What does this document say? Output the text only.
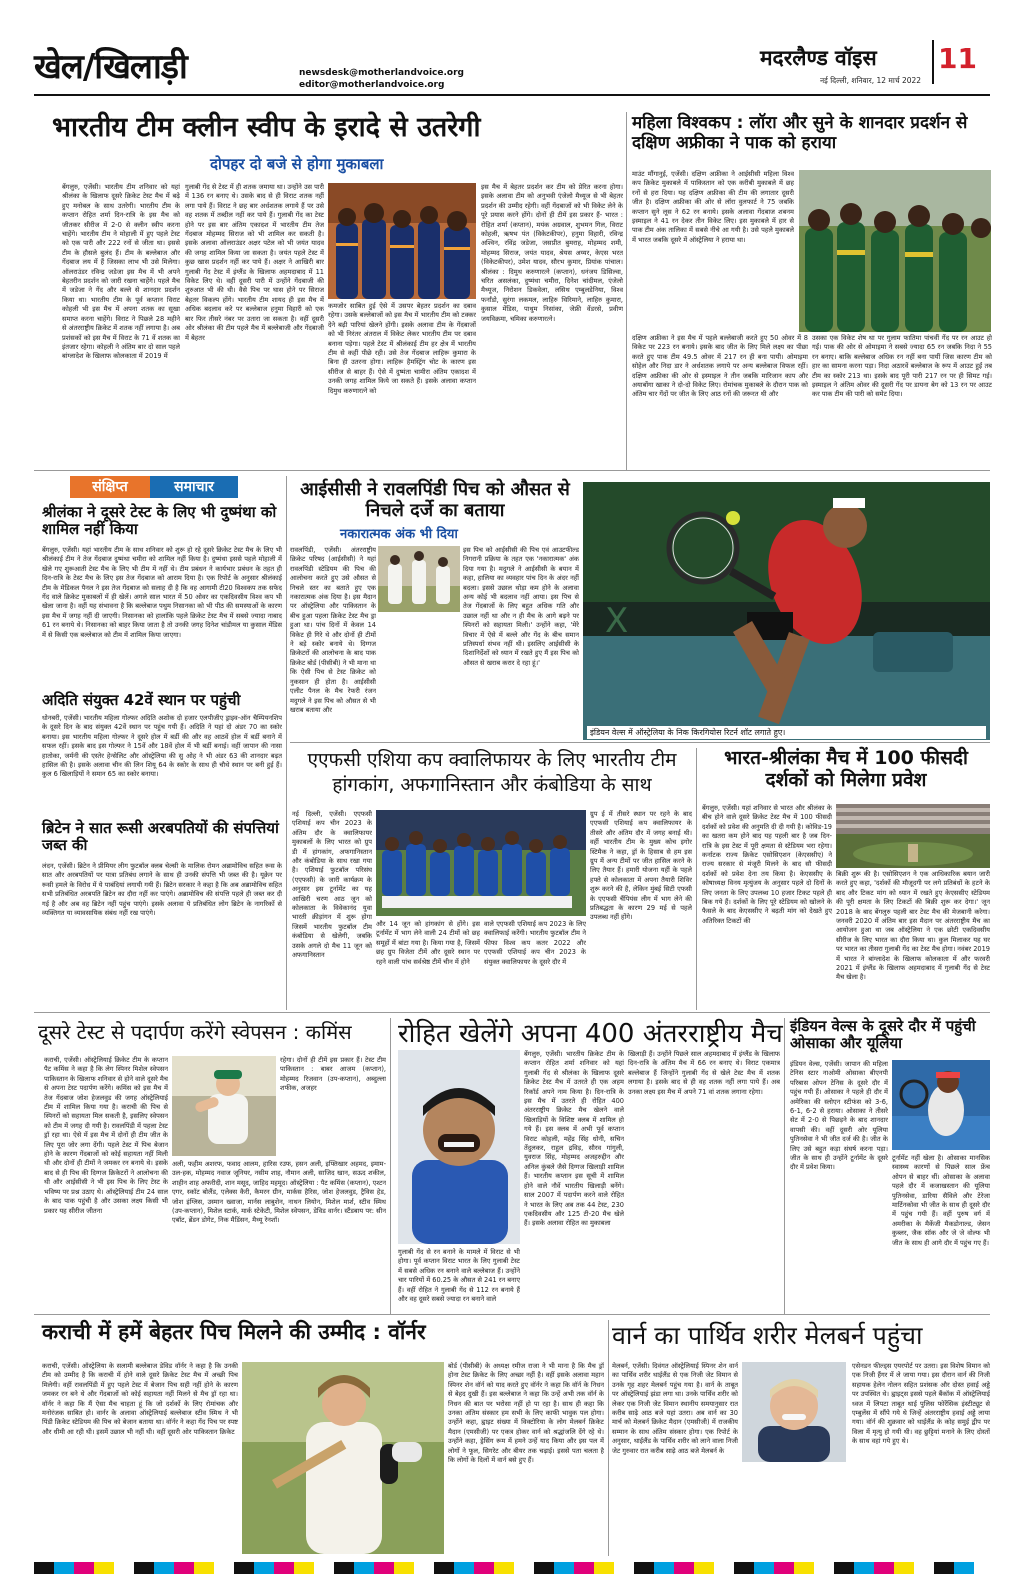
खेल/खिलाड़ी	newsdesk@motherlandvoice.org
editor@motherlandvoice.org
मदरलैण्ड वॉइस 11
नई दिल्ली, शनिवार, 12 मार्च 2022
भारतीय टीम क्लीन स्वीप के इरादे से उतरेगी
दोपहर दो बजे से होगा मुकाबला
बेंगलुरु, एजेंसी। भारतीय टीम शनिवार को यहां श्रीलंका के खिलाफ दूसरे क्रिकेट टेस्ट मैच में बढ़े हुए मनोबल के साथ उतरेगी। भारतीय टीम के कप्तान रोहित शर्मा दिन-रात्रि के इस मैच को जीतकर सीरीज में 2-0 से क्लीन स्वीप करना चाहेंगे। भारतीय टीम ने मोहाली में हुए पहले टेस्ट को एक पारी और 222 रनों से जीता था। इससे टीम के हौसले बुलंद हैं। टीम के बल्लेबाज और गेंदबाज लय में हैं जिसका लाभ भी उसे मिलेगा। ऑलराउंडर रविन्द्र जडेजा इस मैच में भी अपने बेहतरीन प्रदर्शन को जारी रखना चाहेंगे। पहले मैच में जडेजा ने गेंद और बल्ले से शानदार प्रदर्शन किया था। भारतीय टीम के पूर्व कप्तान विराट कोहली भी इस मैच में अपना शतक का सूखा समाप्त करना चाहेंगे। विराट ने पिछले 28 महीने से अंतरराष्ट्रीय क्रिकेट में शतक नहीं लगाया है। अब प्रशंसकों को इस मैच में विराट के 71 वें शतक का इंतजार रहेगा। कोहली ने अंतिम बार दो साल पहले बांग्लादेश के खिलाफ कोलकाता में 2019 में
गुलाबी गेंद से टेस्ट में ही शतक जमाया था। उन्होंने उस पारी में 136 रन बनाए थे। उसके बाद से ही विराट शतक नहीं लगा पाये हैं। विराट ने छह बार अर्धशतक लगाये हैं पर उसे वह शतक में तब्दील नहीं कर पाये हैं। गुलाबी गेंद का टेस्ट होने पर इस बार अंतिम एकादश में भारतीय टीम तेज गेंदबाज मोहम्मद सिराज को भी शामिल कर सकती है। इसके अलावा ऑलराउंडर अक्षर पटेल को भी जयंत यादव की जगह शामिल किया जा सकता है। जयंत पहले टेस्ट में कुछ खास प्रदर्शन नहीं कर पाये हैं। अक्षर ने आखिरी बार गुलाबी गेंद टेस्ट में इंग्लैंड के खिलाफ अहमदाबाद में 11 विकेट लिए थे। वहीं दूसरी पारी में उन्होंने गेंदबाजी की शुरुआत भी की थी। वैसे पिच पर घास होने पर सिराज बेहतर विकल्प होंगे। भारतीय टीम शायद ही इस मैच में अधिक बदलाव करे पर बल्लेबाज हनुमा विहारी को एक बार फिर तीसरे नंबर पर उतारा जा सकता है। वहीं दूसरी ओर श्रीलंका की टीम पहले मैच में बल्लेबाजी और गेंदबाजी में बेहतर
कमजोर साबित हुई ऐसे में उसपर बेहतर प्रदर्शन का दबाव रहेगा। उसके बल्लेबाजों को इस मैच में भारतीय टीम को टक्कर देने बढ़ी पारियां खेलने होंगी। इसके अलावा टीम के गेंदबाजों को भी निरंतर अंतराल में विकेट लेकर भारतीय टीम पर दबाव बनाना पड़ेगा। पहले टेस्ट में श्रीलंकाई टीम हर क्षेत्र में भारतीय टीम से कहीं पीछे रही। उसे तेज गेंदबाज लाहिरू कुमारा के बिना ही उतरना होगा। लाहिरू हैमस्ट्रिंग चोट के कारण इस सीरीज से बाहर हैं। ऐसे में दुष्मंता चामीरा अंतिम एकादश में उनकी जगह शामिल किये जा सकते हैं। इसके अलावा कप्तान दिमुथ करुणारत्ने को
इस मैच में बेहतर प्रदर्शन कर टीम को प्रेरित करना होगा। इसके अलावा टीम को अनुभवी एंजेलो मैथ्यूज से भी बेहतर प्रदर्शन की उम्मीद रहेगी। वहीं गेंदबाजों को भी विकेट लेने के पूरे प्रयास करने होंगे। दोनों ही टीमें इस प्रकार हैं- भारत : रोहित शर्मा (कप्तान), मयंक अग्रवाल, शुभमन गिल, विराट कोहली, ऋषभ पंत (विकेटकीपर), हनुमा विहारी, रविन्द्र अश्विन, रविंद्र जडेजा, जसप्रीत बुमराह, मोहम्मद शमी, मोहम्मद सिराज, जयंत यादव, श्रेयस अय्यर, केएस भरत (विकेटकीपर), उमेश यादव, सौरभ कुमार, प्रियांक पांचाल। श्रीलंका : दिमुथ करुणारत्ने (कप्तान), धनंजय डिसिल्वा, चरित असलंका, दुष्मंथा चमीरा, दिनेश चांदीमल, एंजेलो मैथ्यूज, निरोशन डिकवेला, लसिथ एम्बुलडेनिया, विश्व फर्नांडो, सुरंगा लकमल, लाहिरु थिरिमाने, लाहिरु कुमारा, कुसाल मेंडिस, पाथुम निसांका, जेफ्री वेंडरसे, प्रवीण जयविक्रमा, चमिका करुणारत्ने।
महिला विश्वकप : लॉरा और सुने के शानदार प्रदर्शन से दक्षिण अफ्रीका ने पाक को हराया
माउंट मौंगानुई, एजेंसी। दक्षिण अफ्रीका ने आईसीसी महिला विश्व कप क्रिकेट मुकाबले में पाकिस्तान को एक करीबी मुकाबले में छह रनों से हरा दिया। यह दक्षिण अफ्रीका की टीम की लगातार दूसरी जीत है। दक्षिण अफ्रीका की ओर से लॉरा वुलफार्ट ने 75 जबकि कप्तान सुने लूस ने 62 रन बनाये। इसके अलावा गेंदबाज शबनम इस्माइल ने 41 रन देकर तीन विकेट लिए। इस मुकाबले में हार से पाक टीम अंक तालिका में सबसे नीचे आ गयी है। उसे पहले मुकाबले में भारत जबकि दूसरे में ऑस्ट्रेलिया ने हराया था।
दक्षिण अफ्रीका ने इस मैच में पहले बल्लेबाजी करते हुए 50 ओवर में 8 विकेट पर 223 रन बनाये। इसके बाद जीत के लिए मिले लक्ष्य का पीछा करते हुए पाक टीम 49.5 ओवर में 217 रन ही बना पायी। ओमाइमा सोहेल और निदा डार ने अर्धशतक लगाये पर अन्य बल्लेबाज विफल रहीं। दक्षिण अफ्रीका की ओर से इस्माइल ने तीन जबकि मारिजान काप और अयाबोंगा खाका ने दो-दो विकेट लिए। रोमांचक मुकाबले के दौरान पाक को अंतिम चार गेंदों पर जीत के लिए आठ रनों की जरूरत थी और
उसका एक विकेट शेष था पर गुलाम फातिमा पांचवीं गेंद पर रन आउट हो गईं। पाक की ओर से ओमाइमा ने सबसे ज्यादा 65 रन जबकि निदा ने 55 रन बनाए। बाकि बल्लेबाज अधिक रन नहीं बना पायीं जिस कारण टीम को हार का सामना करना पड़ा। निदा अठारवें बल्लेबाज के रूप में आउट हुईं तब टीम का स्कोर 213 था। इसके बाद पूरी पारी 217 रन पर ही सिमट गई। इस्माइल ने अंतिम ओवर की दूसरी गेंद पर डायना बेग को 13 रन पर आउट कर पाक टीम की पारी को समेट दिया।
संक्षिप्त	समाचार
श्रीलंका ने दूसरे टेस्ट के लिए भी दुष्मंथा को शामिल नहीं किया
बेंगलुरु, एजेंसी। यहां भारतीय टीम के साथ शनिवार को शुरू हो रहे दूसरे क्रिकेट टेस्ट मैच के लिए भी श्रीलंकाई टीम ने तेज गेंदबाज दुष्मंथा चमीरा को शामिल नहीं किया है। दुष्मंथा इससे पहले मोहाली में खेले गए शुरूआती टेस्ट मैच के लिए भी टीम में नहीं थे। टीम प्रबंधन ने कार्यभार प्रबंधन के तहत ही दिन-रात्रि के टेस्ट मैच के लिए इस तेज गेंदबाज को आराम दिया है। एक रिपोर्ट के अनुसार श्रीलंकाई टीम के मेडिकल पैनल ने इस तेज गेंदबाज को सलाह दी है कि वह आगामी टी20 विश्वकप तक सफेद गेंद वाले क्रिकेट मुकाबलों में ही खेलें। अगले साल भारत में 50 ओवर का एकदिवसीय विश्व कप भी खेला जाना है। वहीं यह संभावना है कि बल्लेबाज पथुम निसानका को भी पीठ की समस्याओं के कारण इस मैच में जगह नहीं दी जाएगी। निसानका को हालांकि पहले क्रिकेट टेस्ट मैच में सबसे ज्यादा नाबाद 61 रन बनाये थे। निसानका को बाहर किया जाता है तो उनकी जगह दिनेश चांडीमल या कुसाल मेंडिस में से किसी एक बल्लेबाज को टीम में शामिल किया जाएगा।
अदिति संयुक्त 42वें स्थान पर पहुंची
धोनबरी, एजेंसी। भारतीय महिला गोल्फर अदिति अशोक दो हजार एलपीजीए ड्राइव-ऑन चैम्पियनशिप के दूसरे दिन के बाद संयुक्त 42वें स्थान पर पहुंच गयी हैं। अदिति ने यहां दो अंडर 70 का स्कोर बनाया। इस भारतीय महिला गोल्फर ने दूसरे होल में बर्डी की और वह आठवें होल में बर्डी बनाने में सफल रहीं। इसके बाद इस गोल्फर ने 15वें और 18वें होल में भी बर्डी बनाई। वहीं जापान की नासा हातोका, जर्मनी की एस्तेर हेन्सेलिट और ऑस्ट्रेलिया की सु ओह ने भी अंडर 63 की शानदार बढ़त हासिल की है। इसके अलावा चीन की लिन शियू 64 के स्कोर के साथ ही चौथे स्थान पर बनी हुई हैं। कुल 6 खिलाड़ियों ने समान 65 का स्कोर बनाया।
ब्रिटेन ने सात रूसी अरबपतियों की संपत्तियां जब्त की
लंदन, एजेंसी। ब्रिटेन ने प्रीमियर लीग फुटबॉल क्लब चेल्सी के मालिक रोमन अब्रामोविच सहित रूस के सात और अरबपतियों पर यात्रा प्रतिबंध लगाने के साथ ही उनकी संपत्ति भी जब्त की है। यूक्रेन पर रूसी हमले के विरोध में ये पाबंदियां लगायी गयी हैं। ब्रिटेन सरकार ने कहा है कि अब अब्रामोविच सहित सभी प्रतिबंधित अरबपति ब्रिटेन का दौरा नहीं कर पाएंगे। अब्रामोविच की संपत्ति पहले ही जब्त कर दी गई है और अब वह ब्रिटेन नहीं पहुंच पाएंगे। इसके अलावा ये प्रतिबंधित लोग ब्रिटेन के नागरिकों से व्यक्तिगत या व्यावसायिक संबंध नहीं रख पाएंगे।
आईसीसी ने रावलपिंडी पिच को औसत से निचले दर्जे का बताया
नकारात्मक अंक भी दिया
रावलपिंडी, एजेंसी। अंतरराष्ट्रीय क्रिकेट परिषद (आईसीसी) ने यहां रावलपिंडी स्टेडियम की पिच की आलोचना करते हुए उसे औसत से निचले स्तर का बताते हुए एक नकारात्मक अंक दिया है। इस मैदान पर ऑस्ट्रेलिया और पाकिस्तान के बीच हुआ पहला क्रिकेट टेस्ट मैच ड्रा हुआ था। पांच दिनों में केवल 14 विकेट ही गिरे थे और दोनों ही टीमों ने बड़े स्कोर बनाये थे। दिग्गज क्रिकेटरों की आलोचना के बाद पाक क्रिकेट बोर्ड (पीसीबी) ने भी माना था कि ऐसी पिच से टेस्ट क्रिकेट को नुकसान ही होता है। आईसीसी एलीट पैनल के मैच रेफरी रंजन मदुगले ने इस पिच को औसत से भी खराब बताया और
इस पिच को आईसीसी की पिच एवं आउटफील्ड निगरानी प्रक्रिया के तहत एक 'नकारात्मक' अंक दिया गया है। मदुगले ने आईसीसी के बयान में कहा, हालिया का व्यवहार पांच दिन के अंदर नहीं बदला। इससे उछाल थोड़ा कम होने के अलावा अन्य कोई भी बदलाव नहीं आया। इस पिच से तेज गेंदबाजों के लिए बहुत अधिक गति और उछाल नहीं था और न ही मैच के आगे बढ़ने पर स्पिनरों को सहायता मिली।' उन्होंने कहा, 'मेरे विचार में ऐसे में बल्ले और गेंद के बीच समान प्रतिस्पर्धा संभव नहीं थी। इसलिए आईसीसी के दिशानिर्देशों को ध्यान में रखते हुए मैं इस पिच को औसत से खराब करार दे रहा हूं।'
X
इंडियन वेल्स में ऑस्ट्रेलिया के निक किरगियोस रिटर्न शॉट लगाते हुए।
एएफसी एशिया कप क्वालिफायर के लिए भारतीय टीम हांगकांग, अफगानिस्तान और कंबोडिया के साथ
नई दिल्ली, एजेंसी। एएफसी एशियाई कप चीन 2023 के अंतिम दौर के क्वालिफायर मुकाबलों के लिए भारत को ग्रुप डी में हांगकांग, अफगानिस्तान और कंबोडिया के साथ रखा गया है। एशियाई फुटबॉल परिसंघ (एएफसी) के जारी कार्यक्रम के अनुसार इस टूर्नामेंट का यह आखिरी चरण आठ जून को कोलकाता के विवेकानंद युवा भारती क्रीड़ांगन में शुरू होगा जिसमें भारतीय फुटबॉल टीम कंबोडिया से खेलेगी, जबकि उसके अगले दो मैच 11 जून को अफगानिस्तान
और 14 जून को हांगकांग से होंगे। इस टूर्नामेंट में भाग लेने वाली 24 टीमों को छह समूहों में बांटा गया है। किया गया है, जिसमें छह ग्रुप विजेता टीमें और दूसरे स्थान पर रहने वाली पांच सर्वश्रेष्ठ टीमें चीन में होने
वाले एएफसी एशियाई कप 2023 के लिए क्वालिफाई करेंगी। भारतीय फुटबॉल टीम ने फीफा विश्व कप कतर 2022 और एएफसी एशियाई कप चीन 2023 के संयुक्त क्वालिफायर के दूसरे दौर में
ग्रुप ई में तीसरे स्थान पर रहने के बाद एएफसी एशियाई कप क्वालिफायर के तीसरे और अंतिम दौर में जगह बनाई थी। वहीं भारतीय टीम के मुख्य कोच इगोर स्टिमैक ने कहा, ड्रॉ के हिसाब से हम इस ग्रुप में अन्य टीमों पर जीत हासिल करने के लिए तैयार हैं। हमारी योजना यहीं के पहले हफ्ते से कोलकाता में अपना तैयारी शिविर शुरू करने की है, लेकिन मुंबई सिटी एफसी के एएफसी चैंपियंस लीग में भाग लेने की प्रतिबद्धता के कारण 29 मई से पहले उपलब्ध नहीं होंगे।
भारत-श्रीलंका मैच में 100 फीसदी दर्शकों को मिलेगा प्रवेश
बेंगलुरु, एजेंसी। यहां शनिवार से भारत और श्रीलंका के बीच होने वाले दूसरे क्रिकेट टेस्ट मैच में 100 फीसदी दर्शकों को प्रवेश की अनुमति दी दी गयी है। कोविड-19 का खतरा कम होने बाद यह पहली बार है जब दिन-रात्रि के इस टेस्ट में पूरी क्षमता से स्टेडियम भरा रहेगा। कर्नाटक राज्य क्रिकेट एसोसिएशन (केएससीए) ने राज्य सरकार से मंजूरी मिलने के बाद सौ फीसदी दर्शकों को प्रवेश देना तय किया है। केएससीए के कोषाध्यक्ष विनय मृत्युंजय के अनुसार पहले दो दिनों के लिए जनता के लिए उपलब्ध 10 हजार टिकट पहले ही बिक गये हैं। दर्शकों के लिए पूरे स्टेडियम को खोलने के फैसले के बाद केएससीए ने बढ़ती मांग को देखते हुए अतिरिक्त टिकटों की
बिक्री शुरू की है। एसोसिएशन ने एक आधिकारिक बयान जारी करते हुए कहा, 'दर्शकों की मौजूदगी पर लगे प्रतिबंधों के हटने के बाद और टिकट मांग को ध्यान में रखते हुए केएससीए स्टेडियम की पूरी क्षमता के लिए टिकटों की बिक्री शुरू कर देगा।' जून 2018 के बाद बेंगलुरु पहली बार टेस्ट मैच की मेजबानी करेगा। जनवरी 2020 में अंतिम बार इस मैदान पर अंतरराष्ट्रीय मैच का आयोजन हुआ था जब ऑस्ट्रेलिया ने एक छोटी एकदिवसीय सीरीज के लिए भारत का दौरा किया था। कुल मिलाकर यह घर पर भारत का तीसरा गुलाबी गेंद का टेस्ट मैच होगा। नवंबर 2019 में भारत ने बांग्लादेश के खिलाफ कोलकाता में और फरवरी 2021 में इंग्लैंड के खिलाफ अहमदाबाद में गुलाबी गेंद से टेस्ट मैच खेला है।
दूसरे टेस्ट से पदार्पण करेंगे स्वेपसन : कमिंस
कराची, एजेंसी। ऑस्ट्रेलियाई क्रिकेट टीम के कप्तान पैट कमिंस ने कहा है कि लेग स्पिनर मिशेल स्वेपसन पाकिस्तान के खिलाफ शनिवार से होने वाले दूसरे मैच से अपना टेस्ट पदार्पण करेंगे। कमिंस को इस मैच में तेज गेंदबाज जोश हेजलवुड की जगह ऑस्ट्रेलियाई टीम में शामिल किया गया है। कराची की पिच से स्पिनरों को सहायता मिल सकती है, इसलिए स्वेपसन को टीम में जगह दी गयी है। रावलपिंडी में पहला टेस्ट ड्रॉ रहा था। ऐसे में इस मैच में दोनों ही टीम जीत के लिए पूरा जोर लगा देंगी। पहले टेस्ट में पिच बेजान होने के कारण गेंदबाजों को कोई सहायता नहीं मिली थी और दोनों ही टीमों ने जमकर रन बनाये थे। इसके बाद से ही पिच की दिग्गज क्रिकेटरों ने आलोचना की थी और आईसीसी ने भी इस पिच के लिए टेस्ट के भविष्य पर प्रश्न उठाए थे। ऑस्ट्रेलियाई टीम 24 साल के बाद पाक पहुंची है और उसका लक्ष्य किसी भी प्रकार यह सीरीज जीतना
रहेगा। दोनों ही टीमें इस प्रकार हैं। टेस्ट टीम पाकिस्तान : बाबर आजम (कप्तान), मोहम्मद रिजवान (उप-कप्तान), अब्दुल्ला शफीक, अजहर
अली, फहीम अशरफ, फवाद आलम, हारिस रउफ, हसन अली, इफ्तिखार अहमद, इमाम-उल-हक, मोहम्मद नवाज जूनियर, नसीम शाह, नौमान अली, साजिद खान, सऊद शकील, शाहीन शाह अफरीदी, शान मसूद, जाहिद महमूद। ऑस्ट्रेलिया : पैट कमिंस (कप्तान), एश्टन एगर, स्कॉट बोलैंड, एलेक्स कैरी, कैमरन ग्रीन, मार्कस हैरिस, जोश हेजलवुड, ट्रैविस हेड, जोश इंग्लिस, उस्मान ख्वाजा, मार्नस लाबुशेन, नाथन लियोन, मिशेल मार्श, स्टीव स्मिथ (उप-कप्तान), मिशेल स्टार्क, मार्क स्टेकेटी, मिशेल स्वेपसन, डेविड वार्नर। स्टैंडबाय पर: सीन एबॉट, ब्रेंडन डोगेट, निक मैडिंसन, मैथ्यू रेनशॉ।
रोहित खेलेंगे अपना 400 अंतरराष्ट्रीय मैच
बेंगलुरु, एजेंसी। भारतीय क्रिकेट टीम के कप्तान रोहित शर्मा शनिवार को यहां गुलाबी गेंद से श्रीलंका के खिलाफ दूसरे क्रिकेट टेस्ट मैच में उतरते ही एक अहम रिकॉर्ड अपने नाम किया है। दिन-रात्रि के इस मैच में उतरते ही रोहित 400 अंतरराष्ट्रीय क्रिकेट मैच खेलने वाले खिलाड़ियों के विशिष्ट क्लब में शामिल हो गये हैं। इस क्लब में अभी पूर्व कप्तान विराट कोहली, महेंद्र सिंह धोनी, सचिन तेंदुलकर, राहुल द्रविड़, सौरव गांगुली, युवराज सिंह, मोहम्मद अजहरुद्दीन और अनिल कुंबले जैसे दिग्गज खिलाड़ी शामिल हैं। भारतीय कप्तान इस सूची में शामिल होने वाले नौवें भारतीय खिलाड़ी बनेंगे। साल 2007 में पदार्पण करने वाले रोहित ने भारत के लिए अब तक 44 टेस्ट, 230 एकदिवसीय और 125 टी-20 मैच खेले हैं। इसके अलावा रोहित का मुकाबला
गुलाबी गेंद से रन बनाने के मामले में विराट से भी होगा। पूर्व कप्तान विराट भारत के लिए गुलाबी टेस्ट में सबसे अधिक रन बनाने वाले बल्लेबाज हैं। उन्होंने चार पारियों में 60.25 के औसत से 241 रन बनाए हैं। वहीं रोहित ने गुलाबी गेंद से 112 रन बनाये हैं और वह दूसरे सबसे ज्यादा रन बनाने वाले
खिलाड़ी हैं। उन्होंने पिछले साल अहमदाबाद में इंग्लैंड के खिलाफ दिन-रात्रि के अंतिम मैच में 66 रन बनाए थे। विराट एकमात्र बल्लेबाज हैं जिन्होंने गुलाबी गेंद से खेले टेस्ट मैच में शतक लगाया है। इसके बाद से ही वह शतक नहीं लगा पाये हैं। अब उनका लक्ष्य इस मैच में अपने 71 वां शतक लगाना रहेगा।
इंडियन वेल्स के दूसरे दौर में पहुंची ओसाका और यूलिया
इंडियन वेल्स, एजेंसी। जापान की महिला टेनिस स्टार नाओमी ओसाका बीएनपी परिबास ओपन टेनिस के दूसरे दौर में पहुंच गयी हैं। ओसाका ने पहले ही दौर में अमेरिका की स्लोएन स्टीफंस को 3-6, 6-1, 6-2 से हराया। ओसाका ने तीसरे सेट में 2-0 से पिछड़ने के बाद शानदार वापसी की। वहीं दूसरी ओर यूलिया पुतिनसेवा ने भी जीत दर्ज की है। जीत के लिए उसे बहुत कड़ा संघर्ष करना पड़ा। जीत के साथ ही उन्होंने टूर्नामेंट के दूसरे दौर में प्रवेश किया।
टूर्नामेंट नहीं खेला है। ओसाका मानसिक स्वास्थ्य कारणों से पिछले साल फ्रेंच ओपन से बाहर थीं। ओसाका के अलावा पहले दौर में कजाखस्तान की यूलिया पुतिनसेवा, डारिया सैविले और टेरेजा मार्टिनकोवा भी जीत के साथ ही दूसरे दौर में पहुंच गयी हैं। वहीं पुरुष वर्ग में अमरीका के मैकेंजी मैकडोनाल्ड, जेसन कुब्लर, जैक सॉक और जे जे वोल्फ भी जीत के साथ ही आगे दौर में पहुंच गए हैं।
कराची में हमें बेहतर पिच मिलने की उम्मीद : वॉर्नर
कराची, एजेंसी। ऑस्ट्रेलिया के सलामी बल्लेबाज डेविड वॉर्नर ने कहा है कि उनकी टीम को उम्मीद है कि कराची में होने वाले दूसरे क्रिकेट टेस्ट मैच में अच्छी पिच मिलेगी। वहीं रावलपिंडी में हुए पहले टेस्ट में बेजान पिच सही नहीं होने के कारण जमकर रन बने थे और गेंदबाजों को कोई सहायता नहीं मिलने से मैच ड्रॉ रहा था। वॉर्नर ने कहा कि मैं ऐसा मैच चाहता हूं कि जो दर्शकों के लिए रोमांचक और मनोरंजक साबित हो। वार्नर के अलावा ऑस्ट्रेलियाई बल्लेबाज स्टीव स्मिथ ने भी पिंडी क्रिकेट स्टेडियम की पिच को बेजान बताया था। वॉर्नर ने कहा गेंद पिच पर स्पष्ट और धीमी आ रही थी। इसमें उछाल भी नहीं थी। वहीं दूसरी ओर पाकिस्तान क्रिकेट
बोर्ड (पीसीबी) के अध्यक्ष रमीज राजा ने भी माना है कि मैच ड्रॉ होना टेस्ट क्रिकेट के लिए अच्छा नहीं है। वहीं इसके अलावा महान स्पिनर शेन वॉर्न को याद करते हुए वॉर्नर ने कहा कि वॉर्न के निधन से बेहद दुखी हैं। इस बल्लेबाज ने कहा कि उन्हें अभी तक वॉर्न के निधन की बात पर भरोसा नहीं हो पा रहा है। साथ ही कहा कि उनका अंतिम संस्कार हम सभी के लिए काफी भावुक पल होगा। उन्होंने कहा, ह्वाइट संख्या में विक्टोरिया के लोग मेलबर्न क्रिकेट मैदान (एमसीजी) पर एकत्र होकर वार्न को श्रद्धांजलि देंगे रहे थे। उन्होंने कहा, ड्रेसिंग रूम में हमने उन्हें याद किया और इस पल में लोगों ने फूल, सिगरेट और बीयर तक चढ़ाई। इससे पता चलता है कि लोगों के दिलों में वार्न बसे हुए हैं।
वार्न का पार्थिव शरीर मेलबर्न पहुंचा
मेलबर्न, एजेंसी। दिवंगत ऑस्ट्रेलियाई स्पिनर शेन वार्न का पार्थिव शरीर थाईलैंड से एक निजी जेट विमान से उनके गृह शहर मेलबर्न पहुंच गया है। वार्न के ताबूत पर ऑस्ट्रेलियाई झंडा लगा था। उनके पार्थिव शरीर को लेकर एक निजी जेट विमान स्थानीय समयानुसार रात करीब साढ़े आठ बजे यहां उतरा। अब वार्न का 30 मार्च को मेलबर्न क्रिकेट मैदान (एमसीजी) में राजकीय सम्मान के साथ अंतिम संस्कार होगा। एक रिपोर्ट के अनुसार, थाईलैंड के पार्थिव शरीर को लाने वाला निजी जेट गुरुवार रात करीब साढ़े आठ बजे मेलबर्न के
एसेनडन फील्ड्स एयरपोर्ट पर उतरा। इस विशेष विमान को एक निजी हैंगर में ले जाया गया। इस दौरान वार्न की निजी सहायक हेलेन नोलन सहित प्रशंसक और दोस्त हवाई अड्डे पर उपस्थित थे। ह्वाइट्स इससे पहले बैंकॉक में ऑस्ट्रेलियाई ध्वज में लिपटा ताबूत थाई पुलिस फोरेंसिक इंस्टीट्यूट से एम्बुलेंस में सौंपे गये थे जिन्हें अंतरराष्ट्रीय हवाई अड्डे लाया गया। वॉर्न की शुक्रवार को थाईलैंड के कोह समुई द्वीप पर विला में मृत्यु हो गयी थी। वह छुट्टियां मनाने के लिए दोस्तों के साथ वहां गये हुए थे।
